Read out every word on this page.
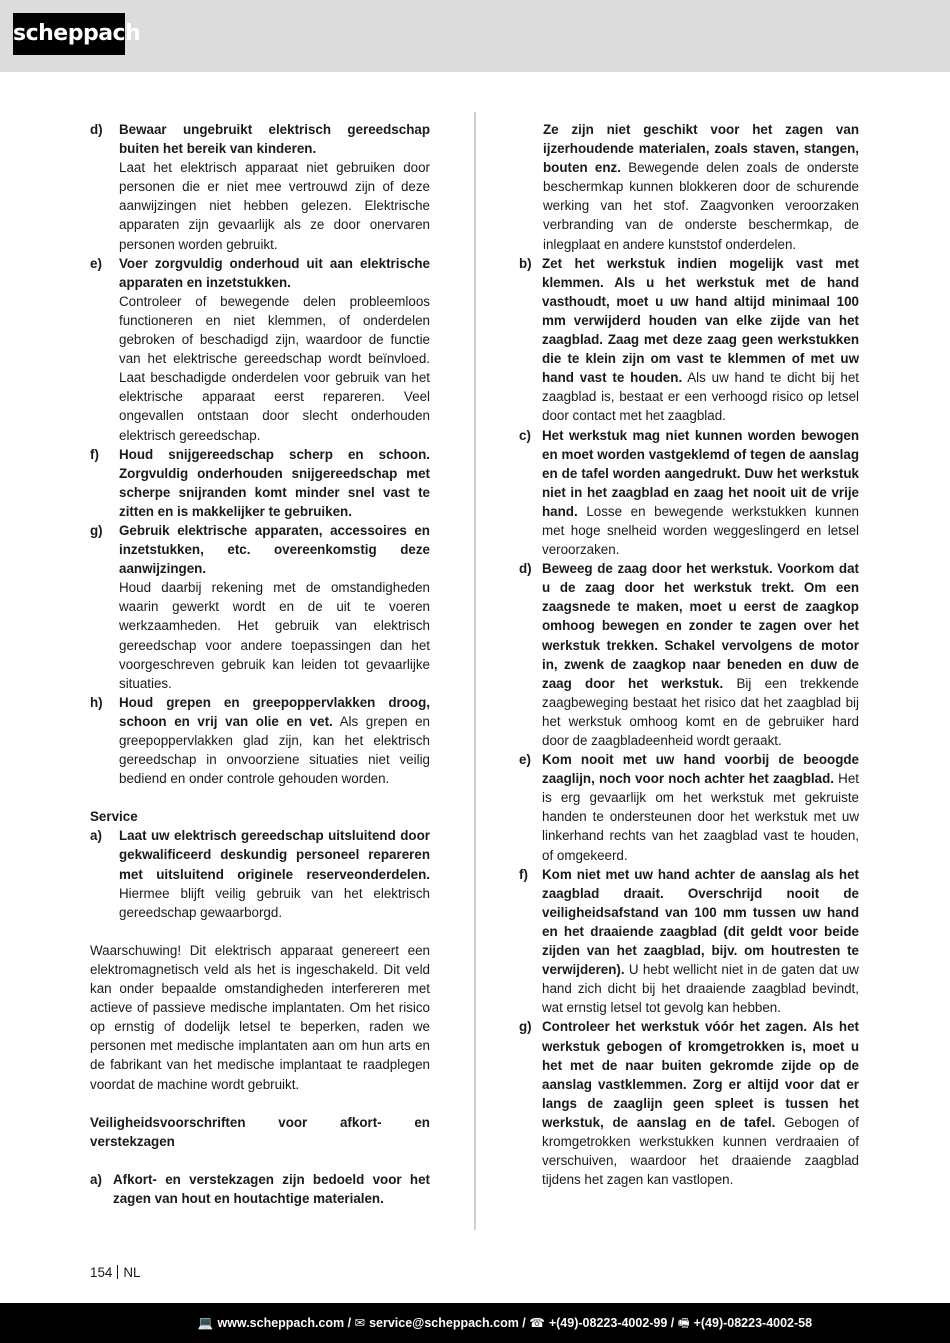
scheppach
d)	Bewaar ungebruikt elektrisch gereedschap buiten het bereik van kinderen.

Laat het elektrisch apparaat niet gebruiken door personen die er niet mee vertrouwd zijn of deze aanwijzingen niet hebben gelezen. Elektrische apparaten zijn gevaarlijk als ze door onervaren personen worden gebruikt.

e)	Voer zorgvuldig onderhoud uit aan elektrische apparaten en inzetstukken.

Controleer of bewegende delen probleemloos functioneren en niet klemmen, of onderdelen gebroken of beschadigd zijn, waardoor de functie van het elektrische gereedschap wordt beïnvloed. Laat beschadigde onderdelen voor gebruik van het elektrische apparaat eerst repareren. Veel ongevallen ontstaan door slecht onderhouden elektrisch gereedschap.

f)	Houd snijgereedschap scherp en schoon. Zorgvuldig onderhouden snijgereedschap met scherpe snijranden komt minder snel vast te zitten en is makkelijker te gebruiken.

g)	Gebruik elektrische apparaten, accessoires en inzetstukken, etc. overeenkomstig deze aanwijzingen.

Houd daarbij rekening met de omstandigheden waarin gewerkt wordt en de uit te voeren werkzaamheden. Het gebruik van elektrisch gereedschap voor andere toepassingen dan het voorgeschreven gebruik kan leiden tot gevaarlijke situaties.

h)	Houd grepen en greepoppervlakken droog, schoon en vrij van olie en vet. Als grepen en greepoppervlakken glad zijn, kan het elektrisch gereedschap in onvoorziene situaties niet veilig bediend en onder controle gehouden worden.

Service

a)	Laat uw elektrisch gereedschap uitsluitend door gekwalificeerd deskundig personeel repareren met uitsluitend originele reserveonderdelen. Hiermee blijft veilig gebruik van het elektrisch gereedschap gewaarborgd.

Waarschuwing! Dit elektrisch apparaat genereert een elektromagnetisch veld als het is ingeschakeld. Dit veld kan onder bepaalde omstandigheden interfereren met actieve of passieve medische implantaten. Om het risico op ernstig of dodelijk letsel te beperken, raden we personen met medische implantaten aan om hun arts en de fabrikant van het medische implantaat te raadplegen voordat de machine wordt gebruikt.

Veiligheidsvoorschriften voor afkort- en verstekzagen

a) Afkort- en verstekzagen zijn bedoeld voor het zagen van hout en houtachtige materialen.

Ze zijn niet geschikt voor het zagen van ijzerhoudende materialen, zoals staven, stangen, bouten enz. Bewegende delen zoals de onderste beschermkap kunnen blokkeren door de schurende werking van het stof. Zaagvonken veroorzaken verbranding van de onderste beschermkap, de inlegplaat en andere kunststof onderdelen.

b) Zet het werkstuk indien mogelijk vast met klemmen. Als u het werkstuk met de hand vasthoudt, moet u uw hand altijd minimaal 100 mm verwijderd houden van elke zijde van het zaagblad. Zaag met deze zaag geen werkstukken die te klein zijn om vast te klemmen of met uw hand vast te houden. Als uw hand te dicht bij het zaagblad is, bestaat er een verhoogd risico op letsel door contact met het zaagblad.

c) Het werkstuk mag niet kunnen worden bewogen en moet worden vastgeklemd of tegen de aanslag en de tafel worden aangedrukt. Duw het werkstuk niet in het zaagblad en zaag het nooit uit de vrije hand. Losse en bewegende werkstukken kunnen met hoge snelheid worden weggeslingerd en letsel veroorzaken.

d) Beweeg de zaag door het werkstuk. Voorkom dat u de zaag door het werkstuk trekt. Om een zaagsnede te maken, moet u eerst de zaagkop omhoog bewegen en zonder te zagen over het werkstuk trekken. Schakel vervolgens de motor in, zwenk de zaagkop naar beneden en duw de zaag door het werkstuk. Bij een trekkende zaagbeweging bestaat het risico dat het zaagblad bij het werkstuk omhoog komt en de gebruiker hard door de zaagbladeenheid wordt geraakt.

e) Kom nooit met uw hand voorbij de beoogde zaaglijn, noch voor noch achter het zaagblad. Het is erg gevaarlijk om het werkstuk met gekruiste handen te ondersteunen door het werkstuk met uw linkerhand rechts van het zaagblad vast te houden, of omgekeerd.

f)	Kom niet met uw hand achter de aanslag als het zaagblad draait. Overschrijd nooit de veiligheidsafstand van 100 mm tussen uw hand en het draaiende zaagblad (dit geldt voor beide zijden van het zaagblad, bijv. om houtresten te verwijderen). U hebt wellicht niet in de gaten dat uw hand zich dicht bij het draaiende zaagblad bevindt, wat ernstig letsel tot gevolg kan hebben.

g) Controleer het werkstuk vóór het zagen. Als het werkstuk gebogen of kromgetrokken is, moet u het met de naar buiten gekromde zijde op de aanslag vastklemmen. Zorg er altijd voor dat er langs de zaaglijn geen spleet is tussen het werkstuk, de aanslag en de tafel. Gebogen of kromgetrokken werkstukken kunnen verdraaien of verschuiven, waardoor het draaiende zaagblad tijdens het zagen kan vastlopen.

154 NL
💻 www.scheppach.com / ✉ service@scheppach.com / ☎ +(49)-08223-4002-99 / 🖷 +(49)-08223-4002-58
